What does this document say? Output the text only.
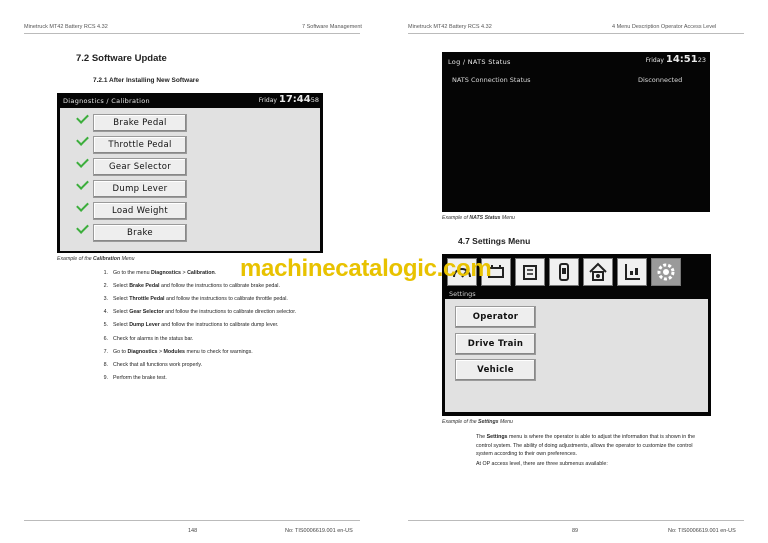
Minetruck MT42 Battery RCS 4.32	7 Software Management	Minetruck MT42 Battery RCS 4.32	4 Menu Description Operator Access Level
7.2 Software Update
7.2.1 After Installing New Software
Diagnostics / Calibration	Friday 17:4458
Brake Pedal
Throttle Pedal
Gear Selector
Dump Lever
Load Weight
Brake
Example of the Calibration Menu
1. Go to the menu Diagnostics > Calibration.
2. Select Brake Pedal and follow the instructions to calibrate brake pedal.
3. Select Throttle Pedal and follow the instructions to calibrate throttle pedal.
4. Select Gear Selector and follow the instructions to calibrate direction selector.
5. Select Dump Lever and follow the instructions to calibrate dump lever.
6. Check for alarms in the status bar.
7. Go to Diagnostics > Modules menu to check for warnings.
8. Check that all functions work properly.
9. Perform the brake test.
Log / NATS Status	Friday 14:5123
NATS Connection Status	Disconnected
Example of NATS Status Menu
4.7 Settings Menu
Settings
Operator
Drive Train
Vehicle
Example of the Settings Menu
The Settings menu is where the operator is able to adjust the information that is shown in the control system. The ability of doing adjustments, allows the operator to customize the control system according to their own preferences.
At OP access level, there are three submenus available:
machinecatalogic.com
148	No: TIS0006619.001 en-US	89	No: TIS0006619.001 en-US
